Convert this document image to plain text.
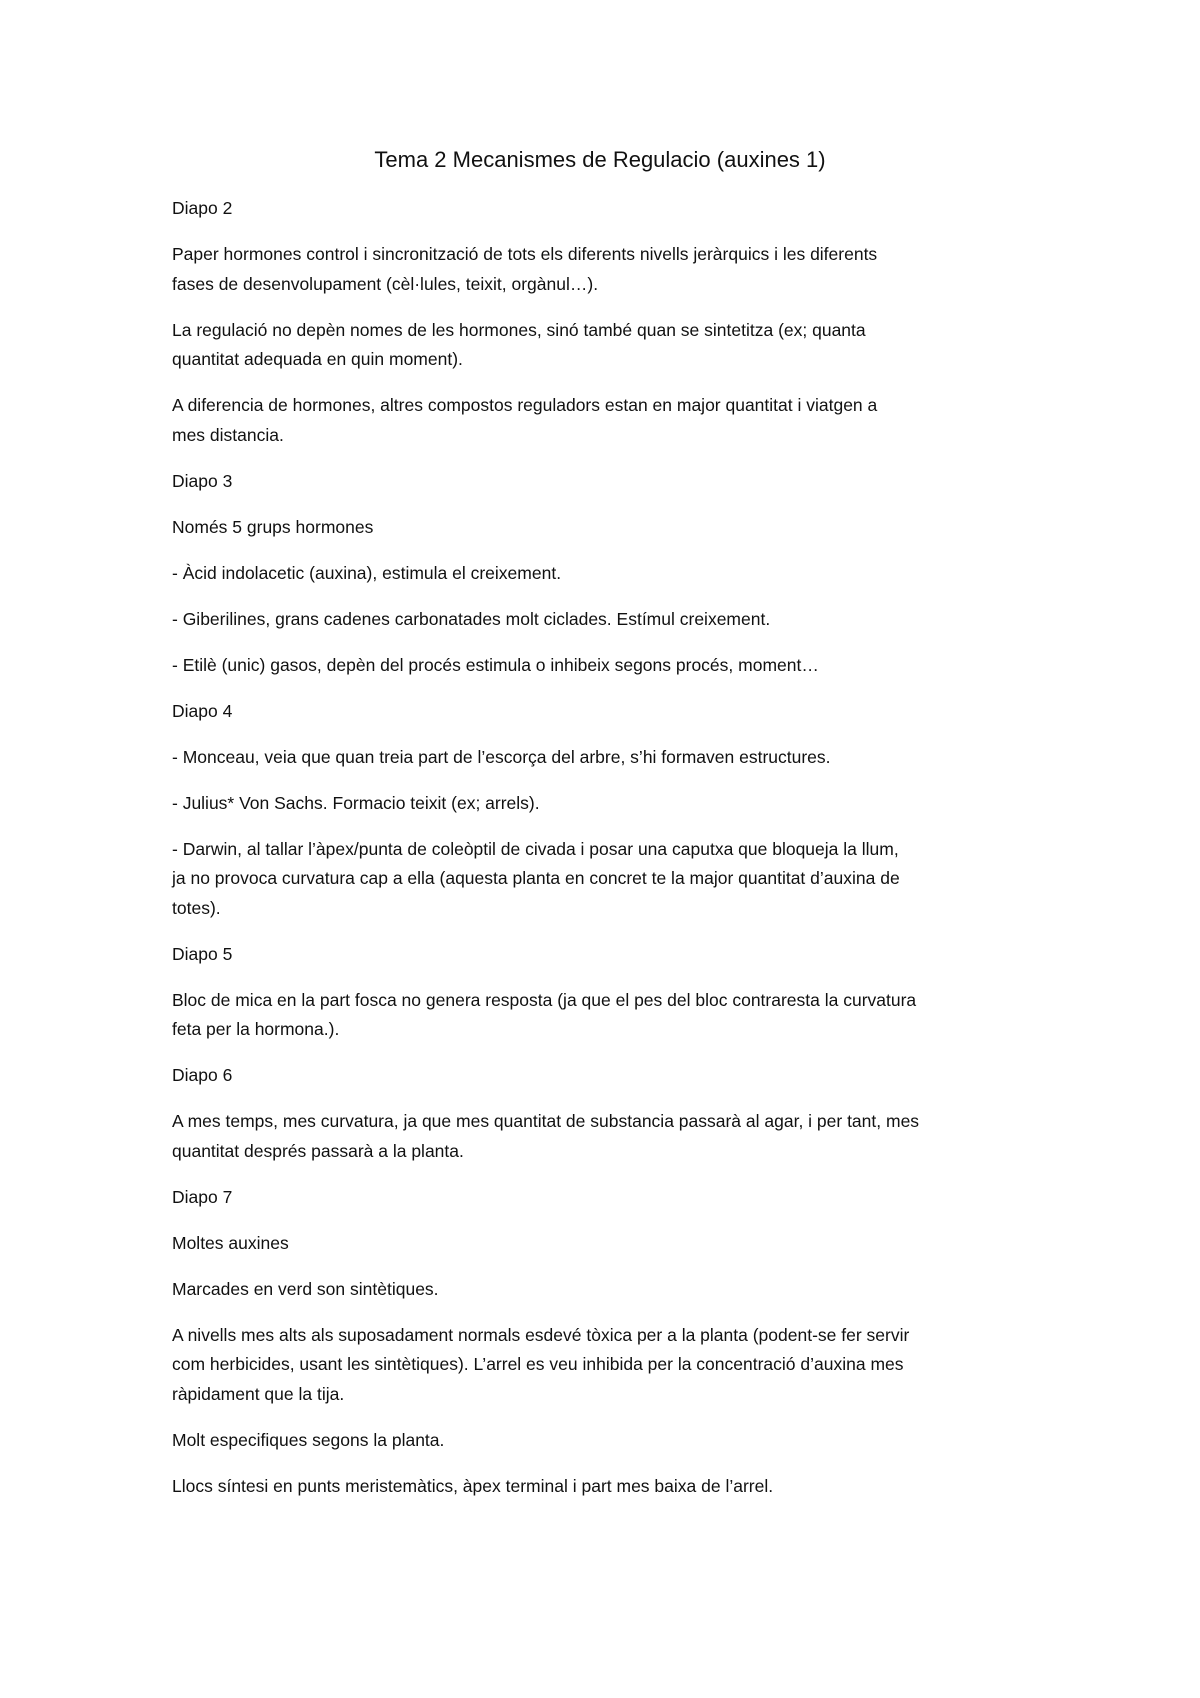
Tema 2 Mecanismes de Regulacio (auxines 1)

Diapo 2

Paper hormones control i sincronització de tots els diferents nivells jeràrquics i les diferents
fases de desenvolupament (cèl·lules, teixit, orgànul…).

La regulació no depèn nomes de les hormones, sinó també quan se sintetitza (ex; quanta
quantitat adequada en quin moment).

A diferencia de hormones, altres compostos reguladors estan en major quantitat i viatgen a
mes distancia.

Diapo 3

Només 5 grups hormones

- Àcid indolacetic (auxina), estimula el creixement.

- Giberilines, grans cadenes carbonatades molt ciclades. Estímul creixement.

- Etilè (unic) gasos, depèn del procés estimula o inhibeix segons procés, moment…

Diapo 4

- Monceau, veia que quan treia part de l’escorça del arbre, s’hi formaven estructures.

- Julius* Von Sachs. Formacio teixit (ex; arrels).

- Darwin, al tallar l’àpex/punta de coleòptil de civada i posar una caputxa que bloqueja la llum,
ja no provoca curvatura cap a ella (aquesta planta en concret te la major quantitat d’auxina de
totes).

Diapo 5

Bloc de mica en la part fosca no genera resposta (ja que el pes del bloc contraresta la curvatura
feta per la hormona.).

Diapo 6

A mes temps, mes curvatura, ja que mes quantitat de substancia passarà al agar, i per tant, mes
quantitat després passarà a la planta.

Diapo 7

Moltes auxines

Marcades en verd son sintètiques.

A nivells mes alts als suposadament normals esdevé tòxica per a la planta (podent-se fer servir
com herbicides, usant les sintètiques). L’arrel es veu inhibida per la concentració d’auxina mes
ràpidament que la tija.

Molt especifiques segons la planta.

Llocs síntesi en punts meristemàtics, àpex terminal i part mes baixa de l’arrel.
